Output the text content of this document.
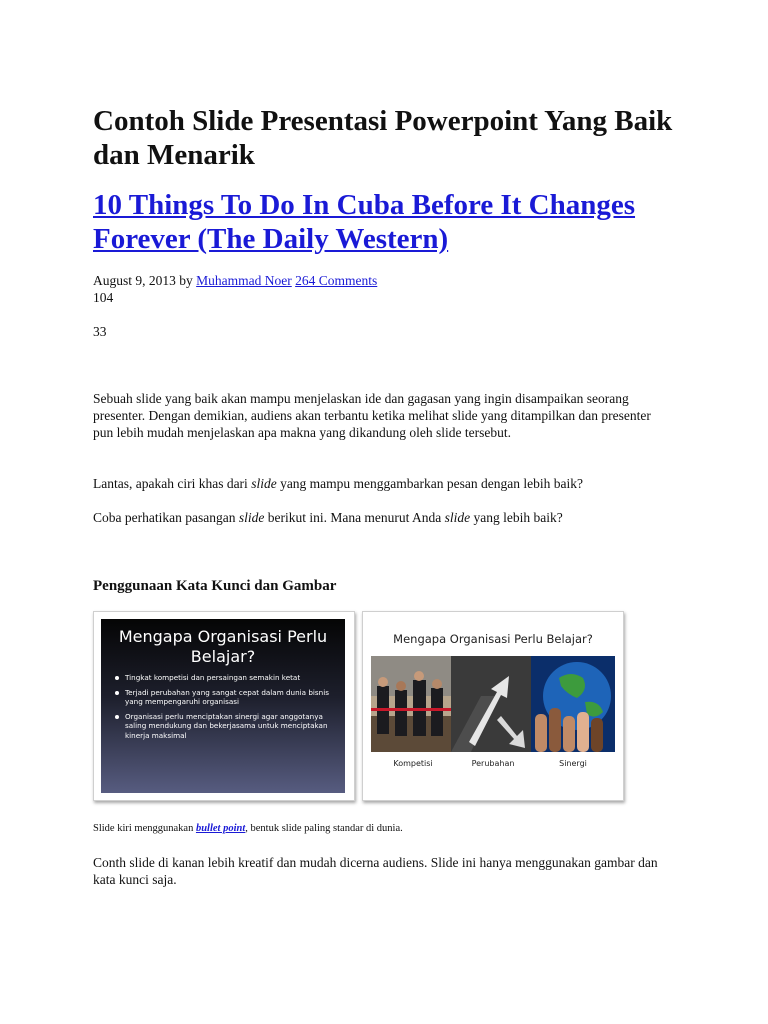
Contoh Slide Presentasi Powerpoint Yang Baik dan Menarik
10 Things To Do In Cuba Before It Changes Forever (The Daily Western)
August 9, 2013 by Muhammad Noer 264 Comments
104
33

Sebuah slide yang baik akan mampu menjelaskan ide dan gagasan yang ingin disampaikan seorang presenter. Dengan demikian, audiens akan terbantu ketika melihat slide yang ditampilkan dan presenter pun lebih mudah menjelaskan apa makna yang dikandung oleh slide tersebut.

Lantas, apakah ciri khas dari slide yang mampu menggambarkan pesan dengan lebih baik?

Coba perhatikan pasangan slide berikut ini. Mana menurut Anda slide yang lebih baik?

Penggunaan Kata Kunci dan Gambar
Mengapa Organisasi Perlu Belajar?
Tingkat kompetisi dan persaingan semakin ketat
Terjadi perubahan yang sangat cepat dalam dunia bisnis yang mempengaruhi organisasi
Organisasi perlu menciptakan sinergi agar anggotanya saling mendukung dan bekerjasama untuk menciptakan kinerja maksimal
Mengapa Organisasi Perlu Belajar?
Kompetisi	Perubahan	Sinergi
Slide kiri menggunakan bullet point, bentuk slide paling standar di dunia.

Conth slide di kanan lebih kreatif dan mudah dicerna audiens. Slide ini hanya menggunakan gambar dan kata kunci saja.
